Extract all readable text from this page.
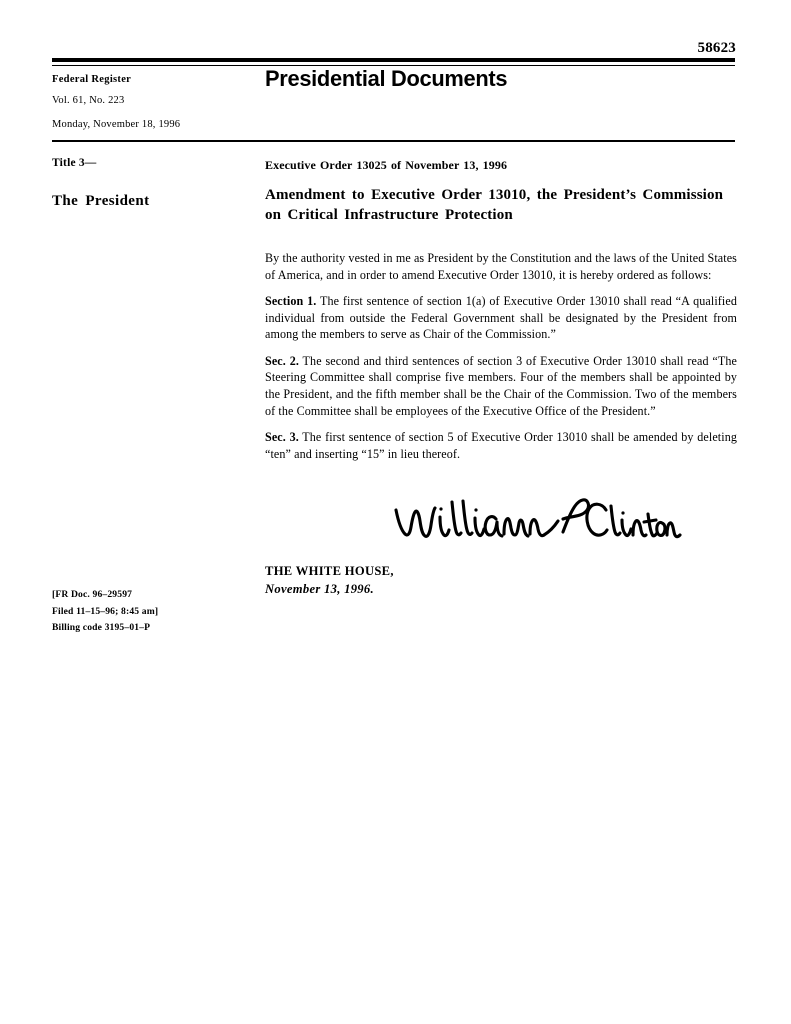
58623

Federal Register

Vol. 61, No. 223

Monday, November 18, 1996

Presidential Documents

Title 3—

The President

Executive Order 13025 of November 13, 1996
Amendment to Executive Order 13010, the President’s Commission on Critical Infrastructure Protection

By the authority vested in me as President by the Constitution and the laws of the United States of America, and in order to amend Executive Order 13010, it is hereby ordered as follows:

Section 1. The first sentence of section 1(a) of Executive Order 13010 shall read “A qualified individual from outside the Federal Government shall be designated by the President from among the members to serve as Chair of the Commission.”

Sec. 2. The second and third sentences of section 3 of Executive Order 13010 shall read “The Steering Committee shall comprise five members. Four of the members shall be appointed by the President, and the fifth member shall be the Chair of the Commission. Two of the members of the Committee shall be employees of the Executive Office of the President.”

Sec. 3. The first sentence of section 5 of Executive Order 13010 shall be amended by deleting “ten” and inserting “15” in lieu thereof.

THE WHITE HOUSE,

November 13, 1996.

[FR Doc. 96–29597
Filed 11–15–96; 8:45 am]
Billing code 3195–01–P
